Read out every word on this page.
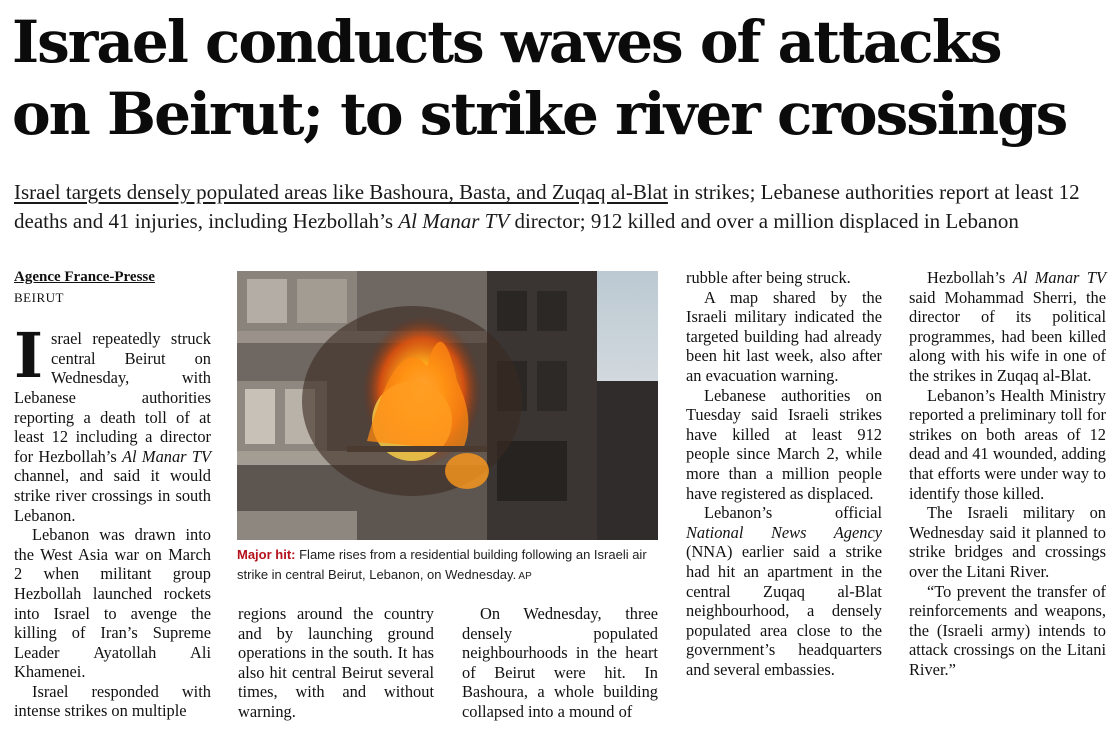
Israel conducts waves of attacks
on Beirut; to strike river crossings
Israel targets densely populated areas like Bashoura, Basta, and Zuqaq al-Blat in strikes; Lebanese authorities report at least 12 deaths and 41 injuries, including Hezbollah’s Al Manar TV director; 912 killed and over a million displaced in Lebanon

Agence France-Presse

BEIRUT

Israel repeatedly struck central Beirut on Wednesday, with Lebanese authorities reporting a death toll of at least 12 including a director for Hezbollah’s Al Manar TV channel, and said it would strike river crossings in south Lebanon.

Lebanon was drawn into the West Asia war on March 2 when militant group Hezbollah launched rockets into Israel to avenge the killing of Iran’s Supreme Leader Ayatollah Ali Khamenei.

Israel responded with intense strikes on multiple

Major hit: Flame rises from a residential building following an Israeli air strike in central Beirut, Lebanon, on Wednesday. AP

regions around the country and by launching ground operations in the south. It has also hit central Beirut several times, with and without warning.

On Wednesday, three densely populated neighbourhoods in the heart of Beirut were hit. In Bashoura, a whole building collapsed into a mound of

rubble after being struck.

A map shared by the Israeli military indicated the targeted building had already been hit last week, also after an evacuation warning.

Lebanese authorities on Tuesday said Israeli strikes have killed at least 912 people since March 2, while more than a million people have registered as displaced.

Lebanon’s official National News Agency (NNA) earlier said a strike had hit an apartment in the central Zuqaq al-Blat neighbourhood, a densely populated area close to the government’s headquarters and several embassies.

Hezbollah’s Al Manar TV said Mohammad Sherri, the director of its political programmes, had been killed along with his wife in one of the strikes in Zuqaq al-Blat.

Lebanon’s Health Ministry reported a preliminary toll for strikes on both areas of 12 dead and 41 wounded, adding that efforts were under way to identify those killed.

The Israeli military on Wednesday said it planned to strike bridges and crossings over the Litani River.

“To prevent the transfer of reinforcements and weapons, the (Israeli army) intends to attack crossings on the Litani River.”
